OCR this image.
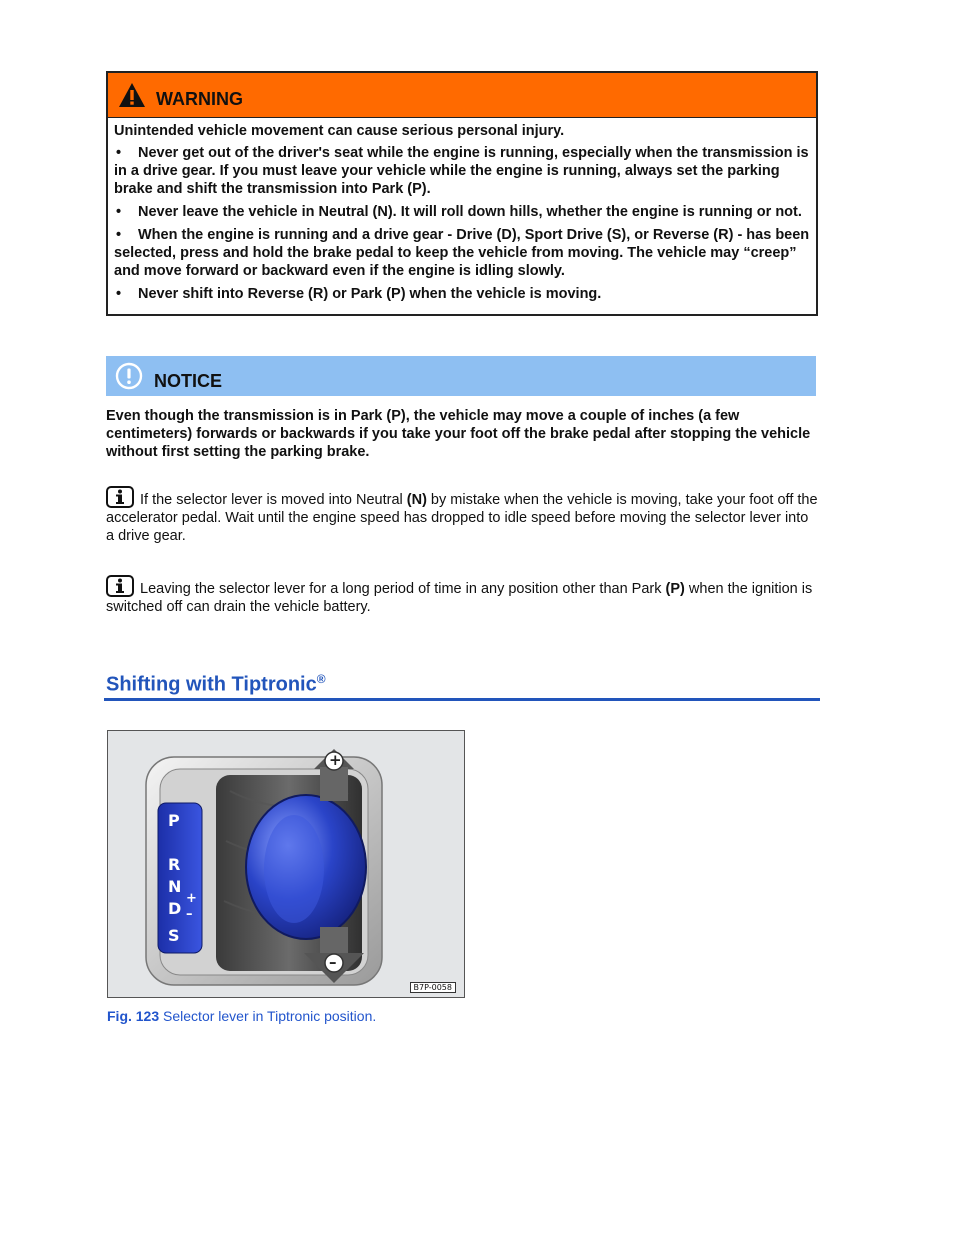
WARNING

Unintended vehicle movement can cause serious personal injury.

• Never get out of the driver's seat while the engine is running, especially when the transmission is in a drive gear. If you must leave your vehicle while the engine is running, always set the parking brake and shift the transmission into Park (P).
• Never leave the vehicle in Neutral (N). It will roll down hills, whether the engine is running or not.
• When the engine is running and a drive gear - Drive (D), Sport Drive (S), or Reverse (R) - has been selected, press and hold the brake pedal to keep the vehicle from moving. The vehicle may “creep” and move forward or backward even if the engine is idling slowly.
• Never shift into Reverse (R) or Park (P) when the vehicle is moving.
NOTICE
Even though the transmission is in Park (P), the vehicle may move a couple of inches (a few centimeters) forwards or backwards if you take your foot off the brake pedal after stopping the vehicle without first setting the parking brake.
If the selector lever is moved into Neutral (N) by mistake when the vehicle is moving, take your foot off the accelerator pedal. Wait until the engine speed has dropped to idle speed before moving the selector lever into a drive gear.
Leaving the selector lever for a long period of time in any position other than Park (P) when the ignition is switched off can drain the vehicle battery.
Shifting with Tiptronic®
P
R
N
D
S
+
–
+
–
B7P-0058
Fig. 123 Selector lever in Tiptronic position.
